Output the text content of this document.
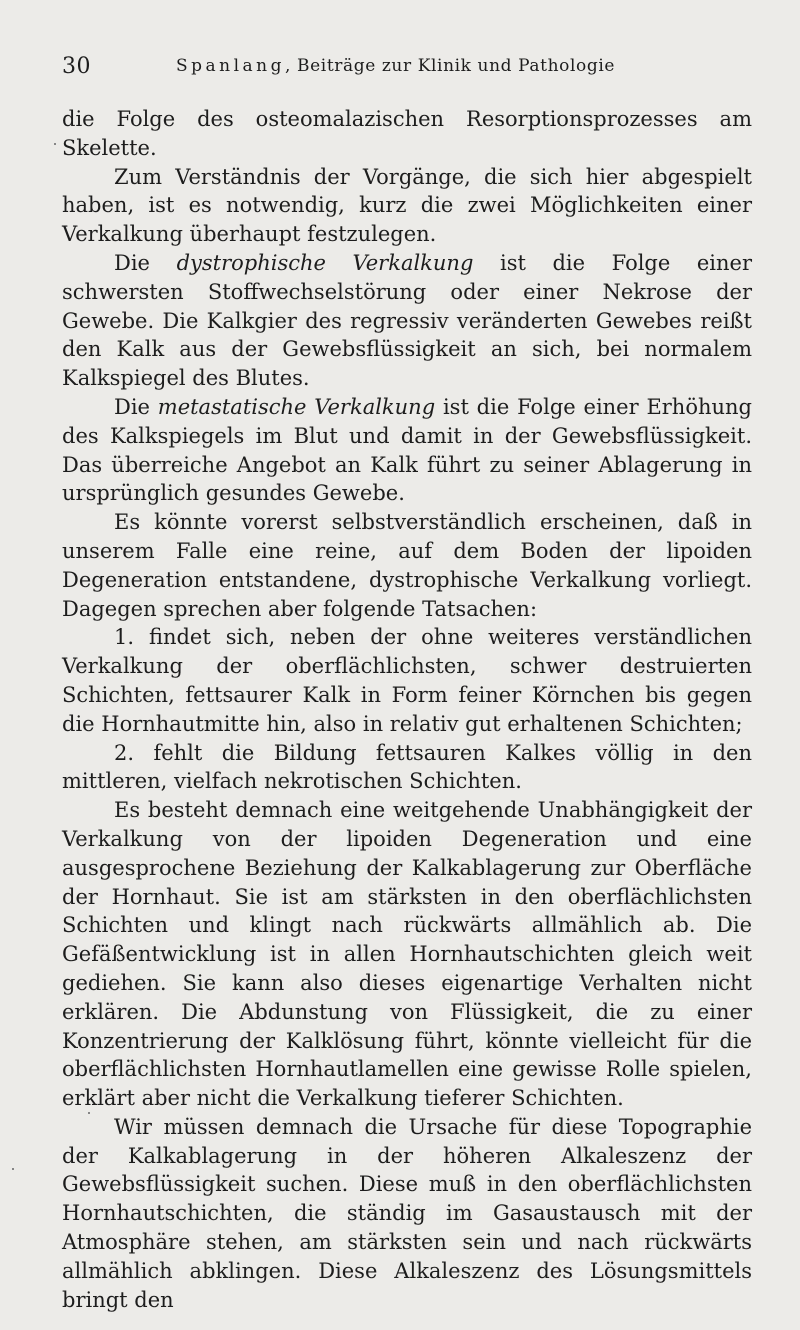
30	Spanlang, Beiträge zur Klinik und Pathologie

die Folge des osteomalazischen Resorptionsprozesses am Skelette.

Zum Verständnis der Vorgänge, die sich hier abgespielt haben, ist es notwendig, kurz die zwei Möglichkeiten einer Verkalkung überhaupt festzulegen.

Die dystrophische Verkalkung ist die Folge einer schwersten Stoffwechselstörung oder einer Nekrose der Gewebe. Die Kalkgier des regressiv veränderten Gewebes reißt den Kalk aus der Gewebsflüssigkeit an sich, bei normalem Kalkspiegel des Blutes.

Die metastatische Verkalkung ist die Folge einer Erhöhung des Kalkspiegels im Blut und damit in der Gewebsflüssigkeit. Das überreiche Angebot an Kalk führt zu seiner Ablagerung in ursprünglich gesundes Gewebe.

Es könnte vorerst selbstverständlich erscheinen, daß in unserem Falle eine reine, auf dem Boden der lipoiden Degeneration entstandene, dystrophische Verkalkung vorliegt. Dagegen sprechen aber folgende Tatsachen:

1. findet sich, neben der ohne weiteres verständlichen Verkalkung der oberflächlichsten, schwer destruierten Schichten, fettsaurer Kalk in Form feiner Körnchen bis gegen die Hornhautmitte hin, also in relativ gut erhaltenen Schichten;

2. fehlt die Bildung fettsauren Kalkes völlig in den mittleren, vielfach nekrotischen Schichten.

Es besteht demnach eine weitgehende Unabhängigkeit der Verkalkung von der lipoiden Degeneration und eine ausgesprochene Beziehung der Kalkablagerung zur Oberfläche der Hornhaut. Sie ist am stärksten in den oberflächlichsten Schichten und klingt nach rückwärts allmählich ab. Die Gefäßentwicklung ist in allen Hornhautschichten gleich weit gediehen. Sie kann also dieses eigenartige Verhalten nicht erklären. Die Abdunstung von Flüssigkeit, die zu einer Konzentrierung der Kalklösung führt, könnte vielleicht für die oberflächlichsten Hornhautlamellen eine gewisse Rolle spielen, erklärt aber nicht die Verkalkung tieferer Schichten.

Wir müssen demnach die Ursache für diese Topographie der Kalkablagerung in der höheren Alkaleszenz der Gewebsflüssigkeit suchen. Diese muß in den oberflächlichsten Hornhautschichten, die ständig im Gasaustausch mit der Atmosphäre stehen, am stärksten sein und nach rückwärts allmählich abklingen. Diese Alkaleszenz des Lösungsmittels bringt den
